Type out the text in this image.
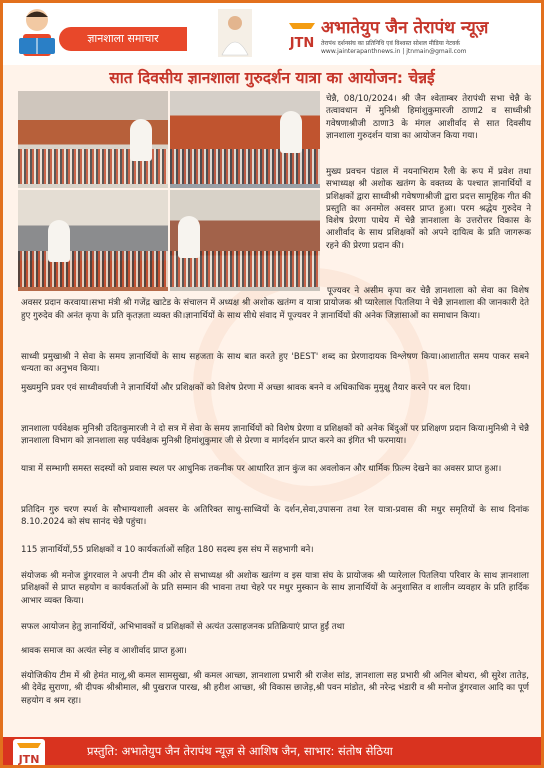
ज्ञानशाला समाचार	JTN
अभातेयुप जैन तेरापंथ न्यूज़
तेरापंथ दर्शनसंघ का प्रतिनिधि एवं विश्वस्त सोशल मीडिया नेटवर्क
www.jainterapanthnews.in | jtnmain@gmail.com
सात दिवसीय ज्ञानशाला गुरुदर्शन यात्रा का आयोजन: चेन्नई
चेन्नै, 08/10/2024। श्री जैन श्वेताम्बर तेरापंथी सभा चेन्नै के तत्वावधान में मुनिश्री हिमांशुकुमारजी ठाणा2 व साध्वीश्री गवेषणाश्रीजी ठाणा3 के मंगल आशीर्वाद से सात दिवसीय ज्ञानशाला गुरुदर्शन यात्रा का आयोजन किया गया।
मुख्य प्रवचन पंडाल में नयनाभिराम रैली के रूप में प्रवेश तथा सभाध्यक्ष श्री अशोक खतंग्ग के वक्तव्य के पश्चात ज्ञानार्थियों व प्रशिक्षकों द्वारा साध्वीश्री गवेषणाश्रीजी द्वारा प्रदत्त सामूहिक गीत की प्रस्तुति का अनमोल अवसर प्राप्त हुआ। परम श्रद्धेय गुरुदेव ने विशेष प्रेरणा पाथेय में चेन्नै ज्ञानशाला के उत्तरोत्तर विकास के आशीर्वाद के साथ प्रशिक्षकों को अपने दायित्व के प्रति जागरूक रहने की प्रेरणा प्रदान की।
पूज्यवर ने असीम कृपा कर चेन्नै ज्ञानशाला को सेवा का विशेष अवसर प्रदान करवाया।सभा मंत्री श्री गजेंद्र खाटेड के संचालन में अध्यक्ष श्री अशोक खतंग्ग व यात्रा प्रायोजक श्री प्यारेलाल पितलिया ने चेन्नै ज्ञानशाला की जानकारी देते हुए गुरुदेव की अनंत कृपा के प्रति कृतज्ञता व्यक्त की।ज्ञानार्थियों के साथ सीधे संवाद में पूज्यवर ने ज्ञानार्थियों की अनेक जिज्ञासाओं का समाधान किया।
साध्वी प्रमुखाश्री ने सेवा के समय ज्ञानार्थियों के साथ सहजता के साथ बात करते हुए 'BEST' शब्द का प्रेरणादायक विश्लेषण किया।आशातीत समय पाकर सबने धन्यता का अनुभव किया।
मुख्यमुनि प्रवर एवं साध्वीवर्याजी ने ज्ञानार्थियों और प्रशिक्षकों को विशेष प्रेरणा में अच्छा श्रावक बनने व अधिकाधिक मुमुक्षु तैयार करने पर बल दिया।
ज्ञानशाला पर्यवेक्षक मुनिश्री उदितकुमारजी ने दो सत्र में सेवा के समय ज्ञानार्थियों को विशेष प्रेरणा व प्रशिक्षकों को अनेक बिंदुओं पर प्रशिक्षण प्रदान किया।मुनिश्री ने चेन्नै ज्ञानशाला विभाग को ज्ञानशाला सह पर्यवेक्षक मुनिश्री हिमांशुकुमार जी से प्रेरणा व मार्गदर्शन प्राप्त करने का इंगित भी फरमाया।
यात्रा में सम्भागी समस्त सदस्यों को प्रवास स्थल पर आधुनिक तकनीक पर आधारित ज्ञान कुंज का अवलोकन और धार्मिक फ़िल्म देखने का अवसर प्राप्त हुआ।
प्रतिदिन गुरु चरण स्पर्श के सौभाग्यशाली अवसर के अतिरिक्त साधु-साध्वियों के दर्शन,सेवा,उपासना तथा रेल यात्रा-प्रवास की मधुर समृतियों के साथ दिनांक 8.10.2024 को संघ सानंद चेन्नै पहुंचा।
115 ज्ञानार्थियों,55 प्रशिक्षकों व 10 कार्यकर्ताओं सहित 180 सदस्य इस संघ में सहभागी बने।
संयोजक श्री मनोज डुंगरवाल ने अपनी टीम की ओर से सभाध्यक्ष श्री अशोक खतंग्ग व इस यात्रा संघ के प्रायोजक श्री प्यारेलाल पितलिया परिवार के साथ ज्ञानशाला प्रशिक्षकों से प्राप्त सहयोग व कार्यकर्ताओं के प्रति सम्मान की भावना तथा चेहरे पर मधुर मुस्कान के साथ ज्ञानार्थियों के अनुशासित व शालीन व्यवहार के प्रति हार्दिक आभार व्यक्त किया।
सफल आयोजन हेतु ज्ञानार्थियों, अभिभावकों व प्रशिक्षकों से अत्यंत उत्साहजनक प्रतिक्रियाएं प्राप्त हुईं तथा
श्रावक समाज का अत्यंत स्नेह व आशीर्वाद प्राप्त हुआ।
संयोजिकीय टीम में श्री हेमंत मालू,श्री कमल सामसुखा, श्री कमल आच्छा, ज्ञानशाला प्रभारी श्री राजेश सांड, ज्ञानशाला सह प्रभारी श्री अनिल बोथरा, श्री सुरेश तातेड़, श्री देवेंद्र सुराणा, श्री दीपक श्रीश्रीमाल, श्री पुखराज पारख, श्री हरीश आच्छा, श्री विकास छाजेड़,श्री पवन मांडोत, श्री नरेन्द्र भंडारी व श्री मनोज डुंगरवाल आदि का पूर्ण सहयोग व श्रम रहा।
JTN
प्रस्तुति: अभातेयुप जैन तेरापंथ न्यूज़ से आशिष जैन, सा‍भार: संतोष सेठिया
